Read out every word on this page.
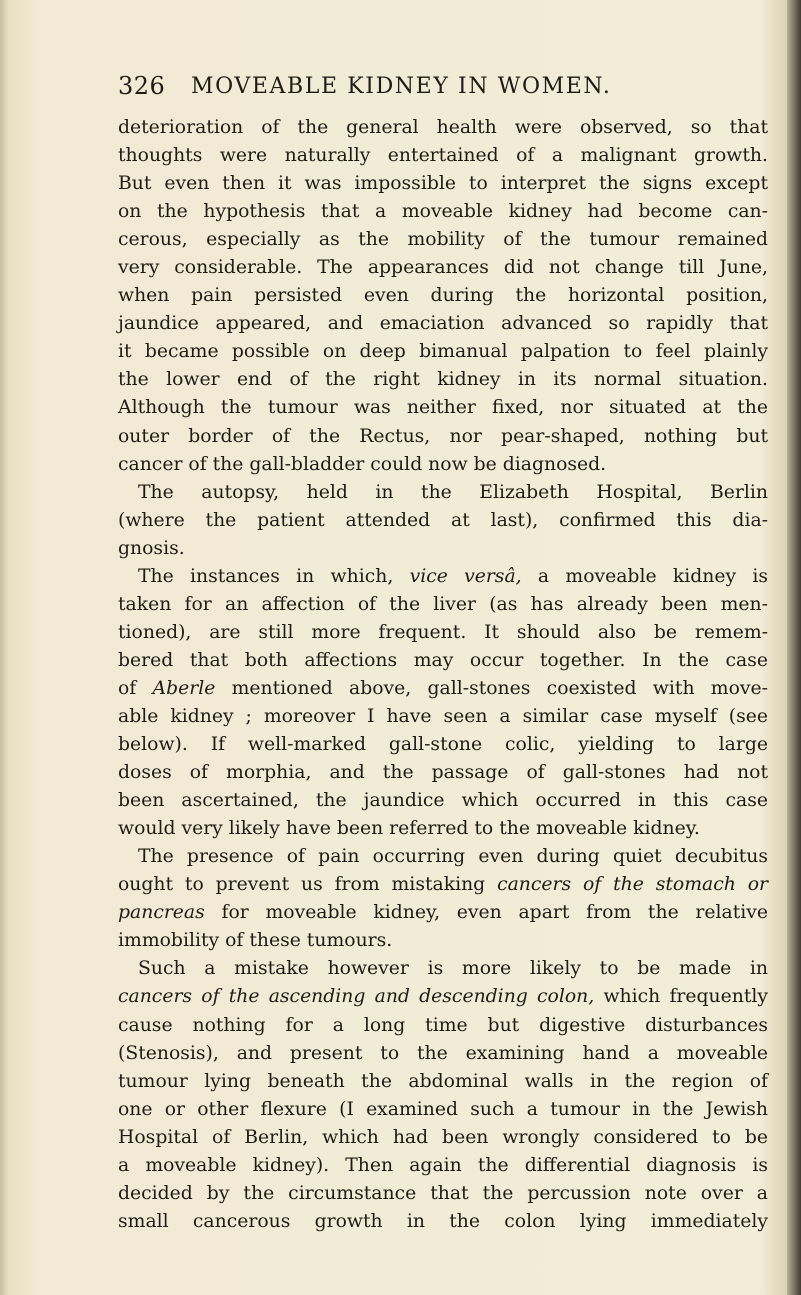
326 MOVEABLE KIDNEY IN WOMEN.
deterioration of the general health were observed, so that
thoughts were naturally entertained of a malignant growth.
But even then it was impossible to interpret the signs except
on the hypothesis that a moveable kidney had become can-
cerous, especially as the mobility of the tumour remained
very considerable. The appearances did not change till June,
when pain persisted even during the horizontal position,
jaundice appeared, and emaciation advanced so rapidly that
it became possible on deep bimanual palpation to feel plainly
the lower end of the right kidney in its normal situation.
Although the tumour was neither fixed, nor situated at the
outer border of the Rectus, nor pear-shaped, nothing but
cancer of the gall-bladder could now be diagnosed.
The autopsy, held in the Elizabeth Hospital, Berlin
(where the patient attended at last), confirmed this dia-
gnosis.
The instances in which, vice versâ, a moveable kidney is
taken for an affection of the liver (as has already been men-
tioned), are still more frequent. It should also be remem-
bered that both affections may occur together. In the case
of Aberle mentioned above, gall-stones coexisted with move-
able kidney ; moreover I have seen a similar case myself (see
below). If well-marked gall-stone colic, yielding to large
doses of morphia, and the passage of gall-stones had not
been ascertained, the jaundice which occurred in this case
would very likely have been referred to the moveable kidney.
The presence of pain occurring even during quiet decubitus
ought to prevent us from mistaking cancers of the stomach or
pancreas for moveable kidney, even apart from the relative
immobility of these tumours.
Such a mistake however is more likely to be made in
cancers of the ascending and descending colon, which frequently
cause nothing for a long time but digestive disturbances
(Stenosis), and present to the examining hand a moveable
tumour lying beneath the abdominal walls in the region of
one or other flexure (I examined such a tumour in the Jewish
Hospital of Berlin, which had been wrongly considered to be
a moveable kidney). Then again the differential diagnosis is
decided by the circumstance that the percussion note over a
small cancerous growth in the colon lying immediately
